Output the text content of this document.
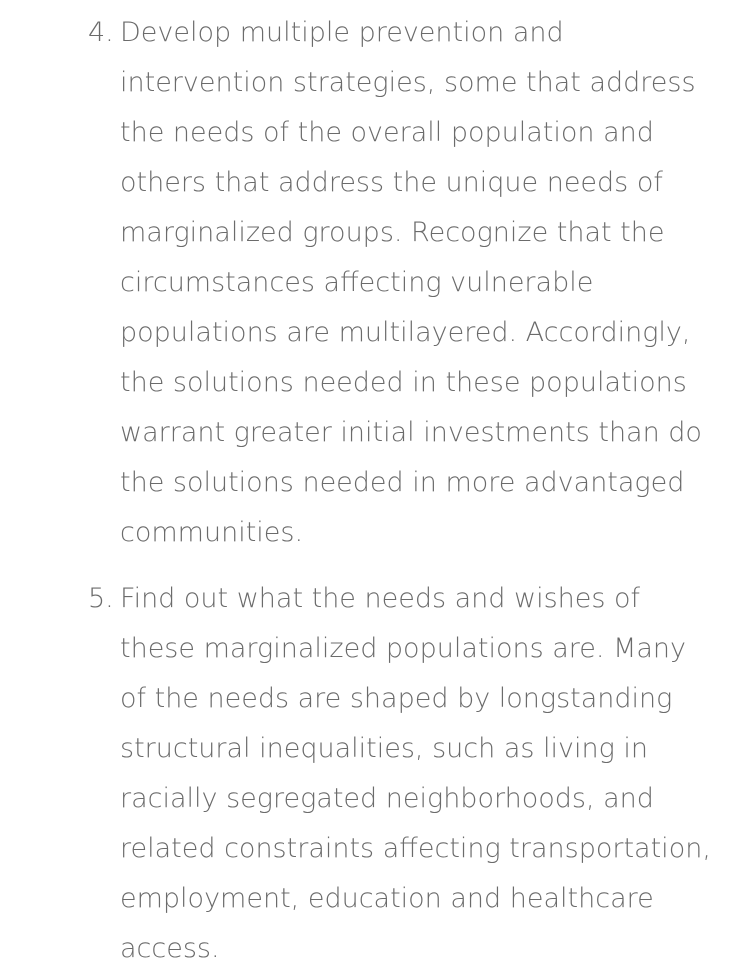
4. Develop multiple prevention and
intervention strategies, some that address
the needs of the overall population and
others that address the unique needs of
marginalized groups. Recognize that the
circumstances affecting vulnerable
populations are multilayered. Accordingly,
the solutions needed in these populations
warrant greater initial investments than do
the solutions needed in more advantaged
communities.
5. Find out what the needs and wishes of
these marginalized populations are. Many
of the needs are shaped by longstanding
structural inequalities, such as living in
racially segregated neighborhoods, and
related constraints affecting transportation,
employment, education and healthcare
access.
